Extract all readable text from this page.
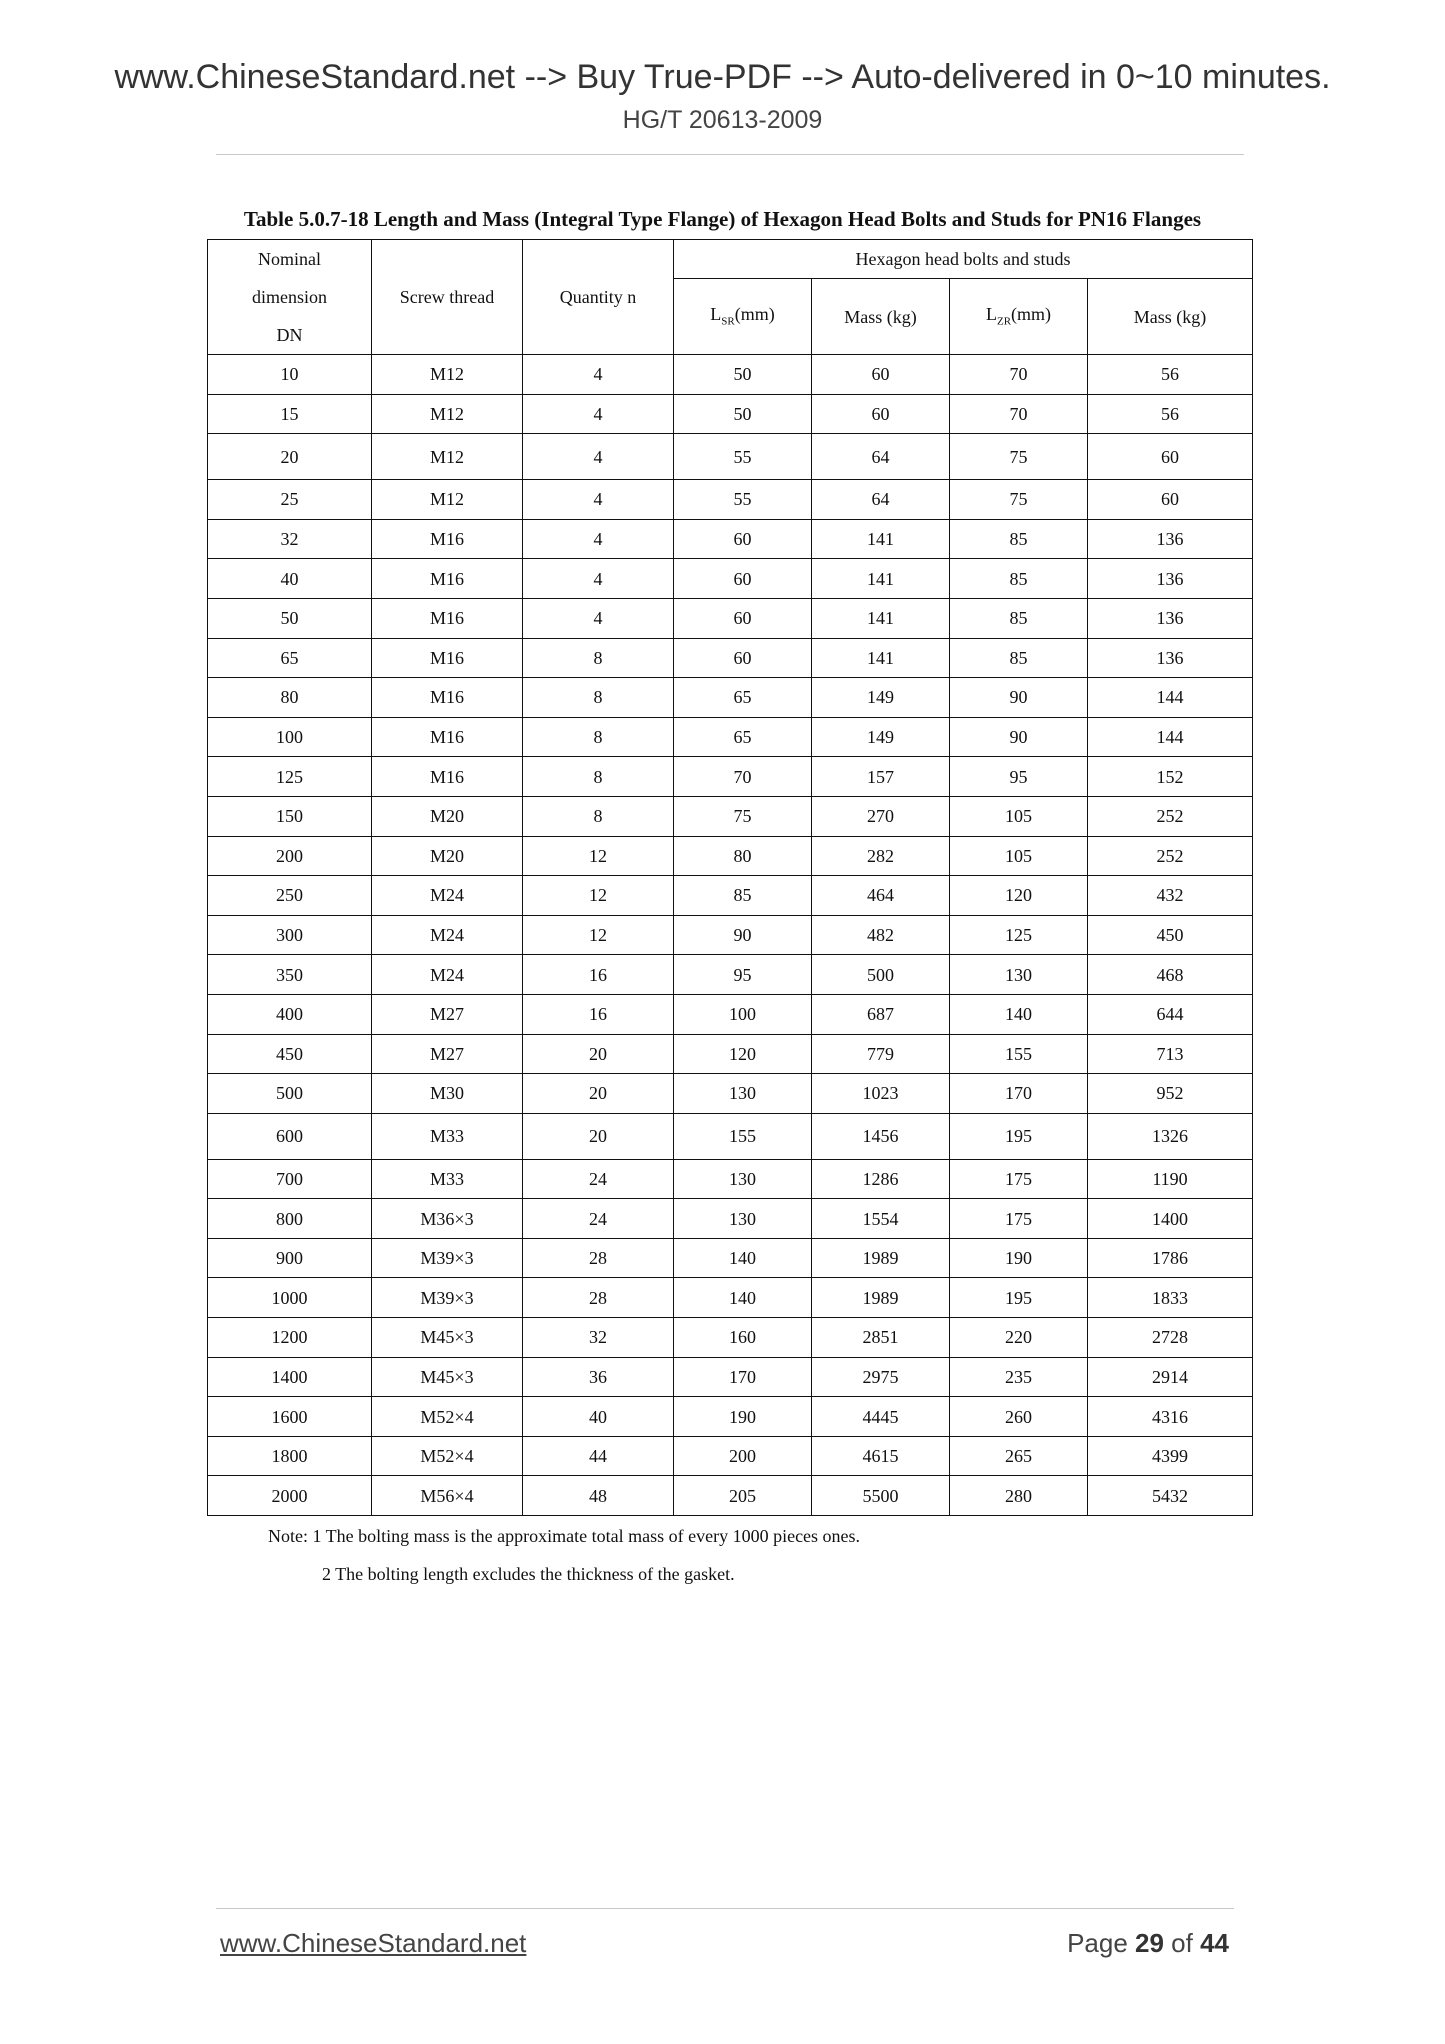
www.ChineseStandard.net --> Buy True-PDF --> Auto-delivered in 0~10 minutes.
HG/T 20613-2009
Table 5.0.7-18 Length and Mass (Integral Type Flange) of Hexagon Head Bolts and Studs for PN16 Flanges
Nominal
dimension
DN	Screw thread	Quantity n	Hexagon head bolts and studs			
			$L_{SR}(mm)$	Mass (kg)	$L_{ZR}(mm)$	Mass (kg)
10	M12	4	50	60	70	56
15	M12	4	50	60	70	56
20	M12	4	55	64	75	60
25	M12	4	55	64	75	60
32	M16	4	60	141	85	136
40	M16	4	60	141	85	136
50	M16	4	60	141	85	136
65	M16	8	60	141	85	136
80	M16	8	65	149	90	144
100	M16	8	65	149	90	144
125	M16	8	70	157	95	152
150	M20	8	75	270	105	252
200	M20	12	80	282	105	252
250	M24	12	85	464	120	432
300	M24	12	90	482	125	450
350	M24	16	95	500	130	468
400	M27	16	100	687	140	644
450	M27	20	120	779	155	713
500	M30	20	130	1023	170	952
600	M33	20	155	1456	195	1326
700	M33	24	130	1286	175	1190
800	M36×3	24	130	1554	175	1400
900	M39×3	28	140	1989	190	1786
1000	M39×3	28	140	1989	195	1833
1200	M45×3	32	160	2851	220	2728
1400	M45×3	36	170	2975	235	2914
1600	M52×4	40	190	4445	260	4316
1800	M52×4	44	200	4615	265	4399
2000	M56×4	48	205	5500	280	5432
Note: 1 The bolting mass is the approximate total mass of every 1000 pieces ones.
2 The bolting length excludes the thickness of the gasket.
www.ChineseStandard.net	Page 29 of 44
